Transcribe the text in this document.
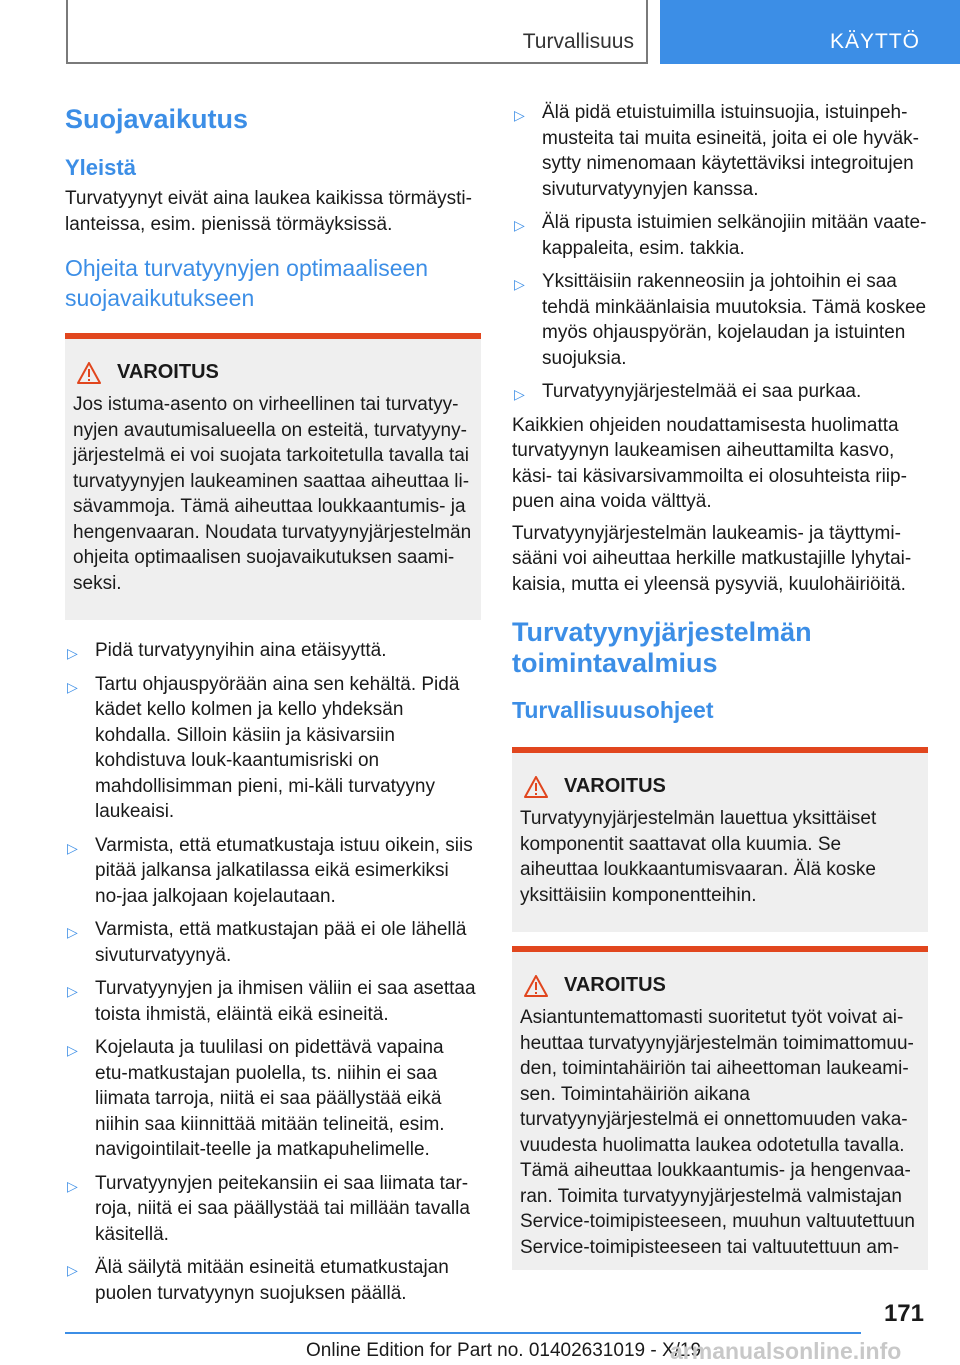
Turvallisuus	KÄYTTÖ
Suojavaikutus
Yleistä

Turvatyynyt eivät aina laukea kaikissa törmäysti-lanteissa, esim. pienissä törmäyksissä.

Ohjeita turvatyynyjen optimaaliseen suojavaikutukseen
VAROITUS

Jos istuma-asento on virheellinen tai turvatyy-nyjen avautumisalueella on esteitä, turvatyyny-järjestelmä ei voi suojata tarkoitetulla tavalla tai turvatyynyjen laukeaminen saattaa aiheuttaa li-sävammoja. Tämä aiheuttaa loukkaantumis- ja hengenvaaran. Noudata turvatyynyjärjestelmän ohjeita optimaalisen suojavaikutuksen saami-seksi.

▷ Pidä turvatyynyihin aina etäisyyttä.
▷ Tartu ohjauspyörään aina sen kehältä. Pidä kädet kello kolmen ja kello yhdeksän kohdalla. Silloin käsiin ja käsivarsiin kohdistuva louk-kaantumisriski on mahdollisimman pieni, mi-käli turvatyyny laukeaisi.
▷ Varmista, että etumatkustaja istuu oikein, siis pitää jalkansa jalkatilassa eikä esimerkiksi no-jaa jalkojaan kojelautaan.
▷ Varmista, että matkustajan pää ei ole lähellä sivuturvatyynyä.
▷ Turvatyynyjen ja ihmisen väliin ei saa asettaa toista ihmistä, eläintä eikä esineitä.
▷ Kojelauta ja tuulilasi on pidettävä vapaina etu-matkustajan puolella, ts. niihin ei saa liimata tarroja, niitä ei saa päällystää eikä niihin saa kiinnittää mitään telineitä, esim. navigointilait-teelle ja matkapuhelimelle.
▷ Turvatyynyjen peitekansiin ei saa liimata tar-roja, niitä ei saa päällystää tai millään tavalla käsitellä.
▷ Älä säilytä mitään esineitä etumatkustajan puolen turvatyynyn suojuksen päällä.
▷ Älä pidä etuistuimilla istuinsuojia, istuinpeh-musteita tai muita esineitä, joita ei ole hyväk-sytty nimenomaan käytettäviksi integroitujen sivuturvatyynyjen kanssa.
▷ Älä ripusta istuimien selkänojiin mitään vaate-kappaleita, esim. takkia.
▷ Yksittäisiin rakenneosiin ja johtoihin ei saa tehdä minkäänlaisia muutoksia. Tämä koskee myös ohjauspyörän, kojelaudan ja istuinten suojuksia.
▷ Turvatyynyjärjestelmää ei saa purkaa.

Kaikkien ohjeiden noudattamisesta huolimatta turvatyynyn laukeamisen aiheuttamilta kasvo, käsi- tai käsivarsivammoilta ei olosuhteista riip-puen aina voida välttyä.

Turvatyynyjärjestelmän laukeamis- ja täyttymi-sääni voi aiheuttaa herkille matkustajille lyhytai-kaisia, mutta ei yleensä pysyviä, kuulohäiriöitä.

Turvatyynyjärjestelmän toimintavalmius
Turvallisuusohjeet
VAROITUS

Turvatyynyjärjestelmän lauettua yksittäiset komponentit saattavat olla kuumia. Se aiheuttaa loukkaantumisvaaran. Älä koske yksittäisiin komponentteihin.

VAROITUS

Asiantuntemattomasti suoritetut työt voivat ai-heuttaa turvatyynyjärjestelmän toimimattomuu-den, toimintahäiriön tai aiheettoman laukeami-sen. Toimintahäiriön aikana turvatyynyjärjestelmä ei onnettomuuden vaka-vuudesta huolimatta laukea odotetulla tavalla. Tämä aiheuttaa loukkaantumis- ja hengenvaa-ran. Toimita turvatyynyjärjestelmä valmistajan Service-toimipisteeseen, muuhun valtuutettuun Service-toimipisteeseen tai valtuutettuun am-

171
Online Edition for Part no. 01402631019 - X/19
armanualsonline.info
